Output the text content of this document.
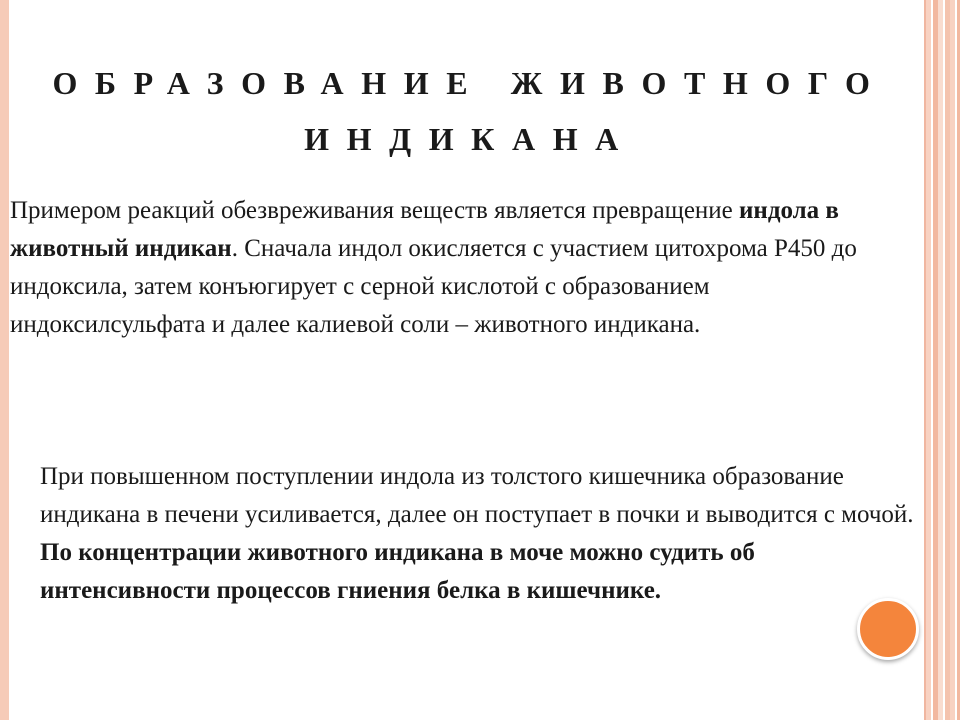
ОБРАЗОВАНИЕ ЖИВОТНОГО
ИНДИКАНА
Примером реакций обезвреживания веществ является превращение индола в животный индикан. Сначала индол окисляется с участием цитохрома Р450 до индоксила, затем конъюгирует с серной кислотой с образованием индоксилсульфата и далее калиевой соли – животного индикана.
При повышенном поступлении индола из толстого кишечника образование индикана в печени усиливается, далее он поступает в почки и выводится с мочой. По концентрации животного индикана в моче можно судить об интенсивности процессов гниения белка в кишечнике.
